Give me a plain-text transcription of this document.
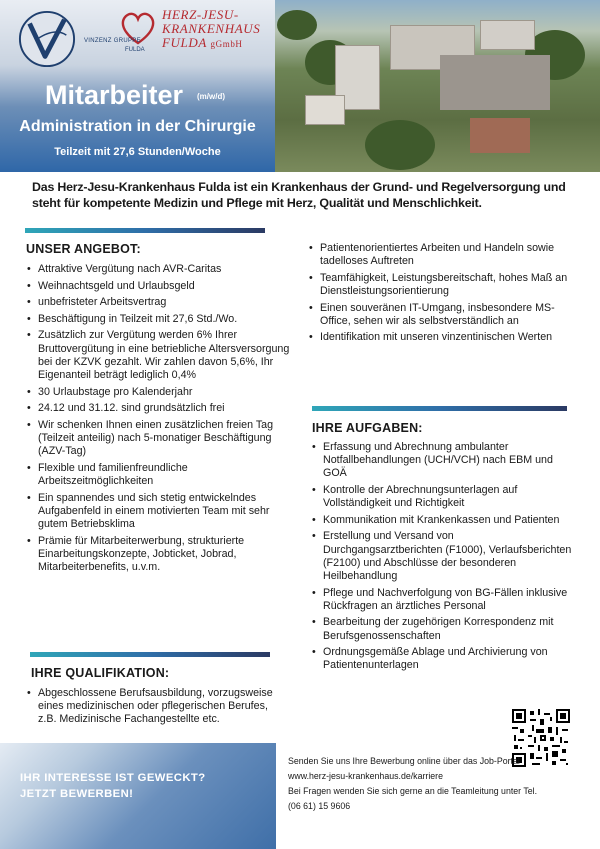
VINZENZ GRUPPE
FULDA
HERZ-JESU-
KRANKENHAUS
FULDA gGmbH
Mitarbeiter (m/w/d)
Administration in der Chirurgie
Teilzeit mit 27,6 Stunden/Woche
Das Herz-Jesu-Krankenhaus Fulda ist ein Krankenhaus der Grund- und Regelversorgung und steht für kompetente Medizin und Pflege mit Herz, Qualität und Menschlichkeit.
UNSER ANGEBOT:
• Attraktive Vergütung nach AVR-Caritas
• Weihnachtsgeld und Urlaubsgeld
• unbefristeter Arbeitsvertrag
• Beschäftigung in Teilzeit mit 27,6 Std./Wo.
• Zusätzlich zur Vergütung werden 6% Ihrer Bruttovergütung in eine betriebliche Altersversorgung bei der KZVK gezahlt. Wir zahlen davon 5,6%, Ihr Eigenanteil beträgt lediglich 0,4%
• 30 Urlaubstage pro Kalenderjahr
• 24.12 und 31.12. sind grundsätzlich frei
• Wir schenken Ihnen einen zusätzlichen freien Tag (Teilzeit anteilig) nach 5-monatiger Beschäftigung (AZV-Tag)
• Flexible und familienfreundliche Arbeitszeitmöglichkeiten
• Ein spannendes und sich stetig entwickelndes Aufgabenfeld in einem motivierten Team mit sehr gutem Betriebsklima
• Prämie für Mitarbeiterwerbung, strukturierte Einarbeitungskonzepte, Jobticket, Jobrad, Mitarbeiterbenefits, u.v.m.
IHRE QUALIFIKATION:
• Abgeschlossene Berufsausbildung, vorzugsweise eines medizinischen oder pflegerischen Berufes, z.B. Medizinische Fachangestellte etc.
• Patientenorientiertes Arbeiten und Handeln sowie tadelloses Auftreten
• Teamfähigkeit, Leistungsbereitschaft, hohes Maß an Dienstleistungsorientierung
• Einen souveränen IT-Umgang, insbesondere MS-Office, sehen wir als selbstverständlich an
• Identifikation mit unseren vinzentinischen Werten
IHRE AUFGABEN:
• Erfassung und Abrechnung ambulanter Notfallbehandlungen (UCH/VCH) nach EBM und GOÄ
• Kontrolle der Abrechnungsunterlagen auf Vollständigkeit und Richtigkeit
• Kommunikation mit Krankenkassen und Patienten
• Erstellung und Versand von Durchgangsarztberichten (F1000), Verlaufsberichten (F2100) und Abschlüsse der besonderen Heilbehandlung
• Pflege und Nachverfolgung von BG-Fällen inklusive Rückfragen an ärztliches Personal
• Bearbeitung der zugehörigen Korrespondenz mit Berufsgenossenschaften
• Ordnungsgemäße Ablage und Archivierung von Patientenunterlagen
IHR INTERESSE IST GEWECKT?
JETZT BEWERBEN!
Senden Sie uns Ihre Bewerbung online über das Job-Portal
www.herz-jesu-krankenhaus.de/karriere
Bei Fragen wenden Sie sich gerne an die Teamleitung unter Tel.
(06 61) 15 9606
